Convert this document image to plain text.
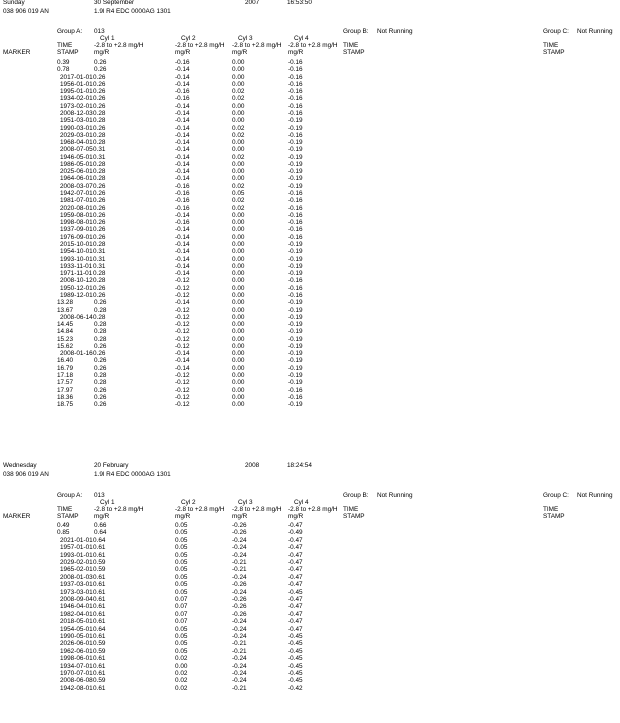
Sunday	30 September	2007	16:53:50
038 906 019 AN	1.9l R4 EDC 0000AG 1301
Group A: 013	Group B: Not Running	Group C: Not Running
Cyl 1	Cyl 2	Cyl 3	Cyl 4
TIME	-2.8 to +2.8 mg/H	-2.8 to +2.8 mg/H -2.8 to +2.8 mg/H -2.8 to +2.8 mg/H
STAMP mg/R	mg/R	mg/R	mg/R
MARKER
TIME
STAMP
TIME
STAMP
0.39	0.26	-0.16	0.00	-0.16
0.78	0.26	-0.14	0.00	-0.16
2017-01-01 0.26	-0.14	0.00	-0.16
1956-01-01 0.26	-0.14	0.00	-0.16
1995-01-01 0.26	-0.16	0.02	-0.16
1934-02-01 0.26	-0.16	0.02	-0.16
1973-02-01 0.26	-0.14	0.00	-0.16
2008-12-03 0.28	-0.14	0.00	-0.16
1951-03-01 0.28	-0.14	0.00	-0.19
1990-03-01 0.26	-0.14	0.02	-0.19
2029-03-01 0.28	-0.14	0.02	-0.16
1968-04-01 0.28	-0.14	0.00	-0.19
2008-07-05 0.31	-0.14	0.00	-0.19
1946-05-01 0.31	-0.14	0.02	-0.19
1986-05-01 0.28	-0.14	0.00	-0.19
2025-06-01 0.28	-0.14	0.00	-0.19
1964-06-01 0.28	-0.14	0.00	-0.19
2008-03-07 0.26	-0.16	0.02	-0.19
1942-07-01 0.26	-0.16	0.05	-0.16
1981-07-01 0.26	-0.16	0.02	-0.16
2020-08-01 0.26	-0.16	0.02	-0.16
1959-08-01 0.26	-0.14	0.00	-0.16
1998-08-01 0.26	-0.16	0.00	-0.16
1937-09-01 0.26	-0.14	0.00	-0.16
1976-09-01 0.26	-0.14	0.00	-0.16
2015-10-01 0.28	-0.14	0.00	-0.19
1954-10-01 0.31	-0.14	0.00	-0.19
1993-10-01 0.31	-0.14	0.00	-0.19
1933-11-01 0.31	-0.14	0.00	-0.19
1971-11-01 0.28	-0.14	0.00	-0.19
2008-10-12 0.28	-0.12	0.00	-0.16
1950-12-01 0.26	-0.12	0.00	-0.16
1989-12-01 0.26	-0.12	0.00	-0.16
13.28	0.26	-0.14	0.00	-0.19
13.67	0.28	-0.12	0.00	-0.19
2008-06-14 0.28	-0.12	0.00	-0.19
14.45	0.28	-0.12	0.00	-0.19
14.84	0.28	-0.12	0.00	-0.19
15.23	0.28	-0.12	0.00	-0.19
15.62	0.26	-0.12	0.00	-0.19
2008-01-16 0.26	-0.14	0.00	-0.19
16.40	0.26	-0.14	0.00	-0.19
16.79	0.26	-0.14	0.00	-0.19
17.18	0.28	-0.12	0.00	-0.19
17.57	0.28	-0.12	0.00	-0.19
17.97	0.26	-0.12	0.00	-0.16
18.36	0.26	-0.12	0.00	-0.16
18.75	0.26	-0.12	0.00	-0.19
Wednesday	20 February	2008	18:24:54
038 906 019 AN	1.9l R4 EDC 0000AG 1301
Group A: 013	Group B: Not Running	Group C: Not Running
Cyl 1	Cyl 2	Cyl 3	Cyl 4
TIME	-2.8 to +2.8 mg/H	-2.8 to +2.8 mg/H -2.8 to +2.8 mg/H -2.8 to +2.8 mg/H
STAMP mg/R	mg/R	mg/R	mg/R
MARKER
TIME
STAMP
TIME
STAMP
0.49	0.66	0.05	-0.26	-0.47
0.85	0.64	0.05	-0.26	-0.49
2021-01-01 0.64	0.05	-0.24	-0.47
1957-01-01 0.61	0.05	-0.24	-0.47
1993-01-01 0.61	0.05	-0.24	-0.47
2029-02-01 0.59	0.05	-0.21	-0.47
1965-02-01 0.59	0.05	-0.21	-0.47
2008-01-03 0.61	0.05	-0.24	-0.47
1937-03-01 0.61	0.05	-0.26	-0.47
1973-03-01 0.61	0.05	-0.24	-0.45
2008-09-04 0.61	0.07	-0.26	-0.47
1946-04-01 0.61	0.07	-0.26	-0.47
1982-04-01 0.61	0.07	-0.26	-0.47
2018-05-01 0.61	0.07	-0.24	-0.47
1954-05-01 0.64	0.05	-0.24	-0.47
1990-05-01 0.61	0.05	-0.24	-0.45
2026-06-01 0.59	0.05	-0.21	-0.45
1962-06-01 0.59	0.05	-0.21	-0.45
1998-06-01 0.61	0.02	-0.24	-0.45
1934-07-01 0.61	0.00	-0.24	-0.45
1970-07-01 0.61	0.02	-0.24	-0.45
2008-06-08 0.59	0.02	-0.24	-0.45
1942-08-01 0.61	0.02	-0.21	-0.42
